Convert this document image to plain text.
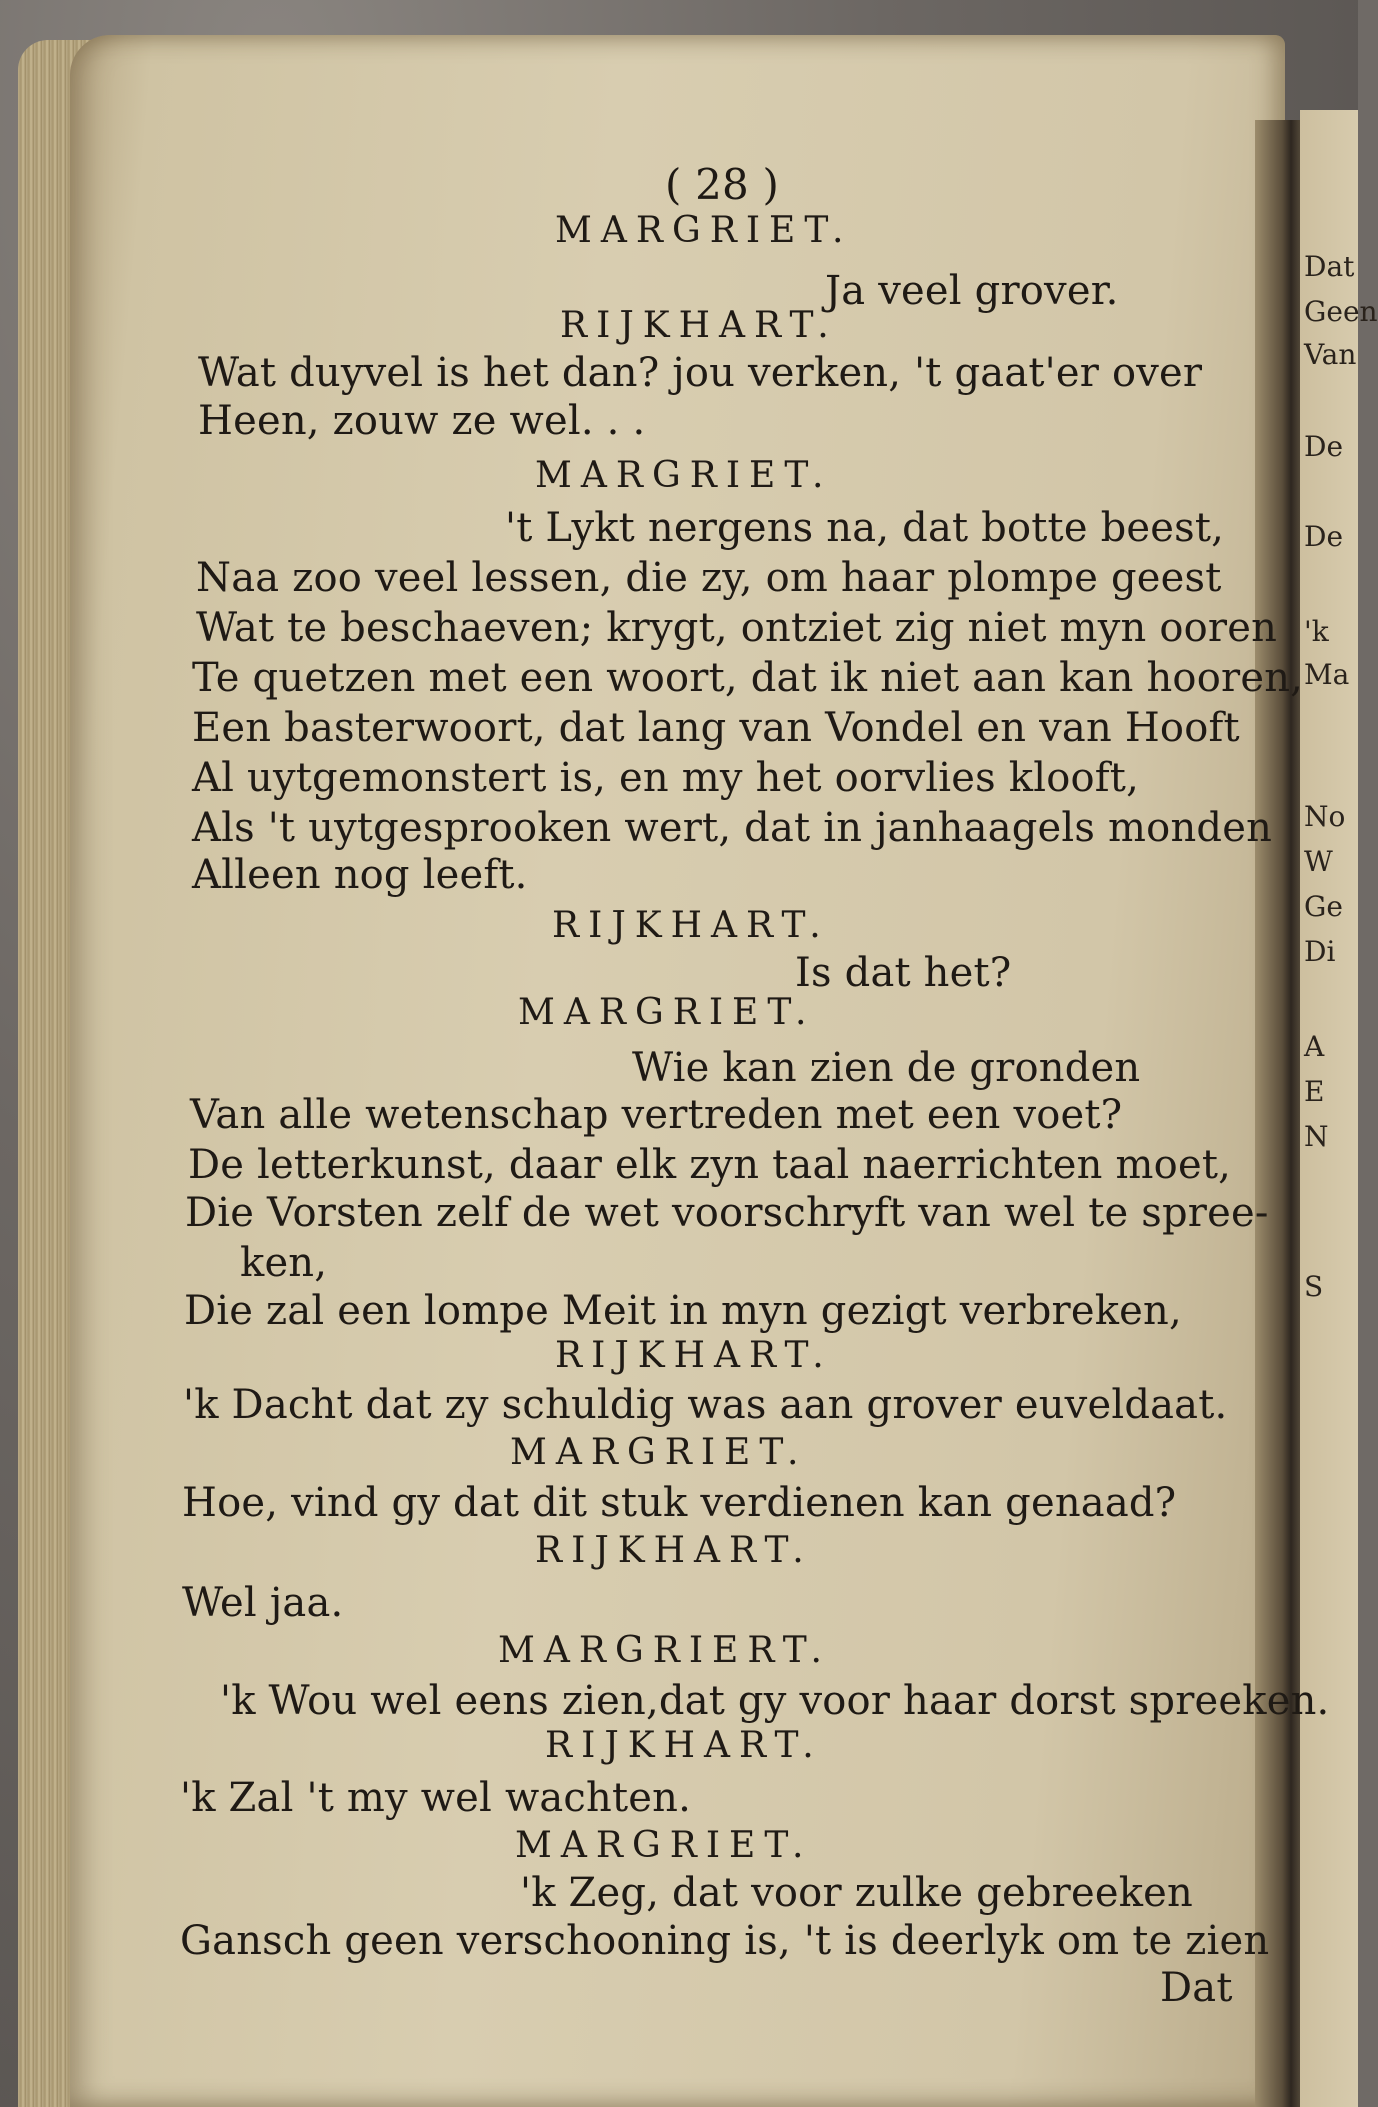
Dat
Geen
Van
De
De
'k
Ma
No
W
Ge
Di
A
E
N
S
( 28 )
MARGRIET.
Ja veel grover.
RIJKHART.
Wat duyvel is het dan? jou verken, 't gaat'er over
Heen, zouw ze wel. . .
MARGRIET.
't Lykt nergens na, dat botte beest,
Naa zoo veel lessen, die zy, om haar plompe geest
Wat te beschaeven; krygt, ontziet zig niet myn ooren
Te quetzen met een woort, dat ik niet aan kan hooren,
Een basterwoort, dat lang van Vondel en van Hooft
Al uytgemonstert is, en my het oorvlies klooft,
Als 't uytgesprooken wert, dat in janhaagels monden
Alleen nog leeft.
RIJKHART.
Is dat het?
MARGRIET.
Wie kan zien de gronden
Van alle wetenschap vertreden met een voet?
De letterkunst, daar elk zyn taal naerrichten moet,
Die Vorsten zelf de wet voorschryft van wel te spree-
ken,
Die zal een lompe Meit in myn gezigt verbreken,
RIJKHART.
'k Dacht dat zy schuldig was aan grover euveldaat.
MARGRIET.
Hoe, vind gy dat dit stuk verdienen kan genaad?
RIJKHART.
Wel jaa.
MARGRIERT.
'k Wou wel eens zien,dat gy voor haar dorst spreeken.
RIJKHART.
'k Zal 't my wel wachten.
MARGRIET.
'k Zeg, dat voor zulke gebreeken
Gansch geen verschooning is, 't is deerlyk om te zien
Dat
